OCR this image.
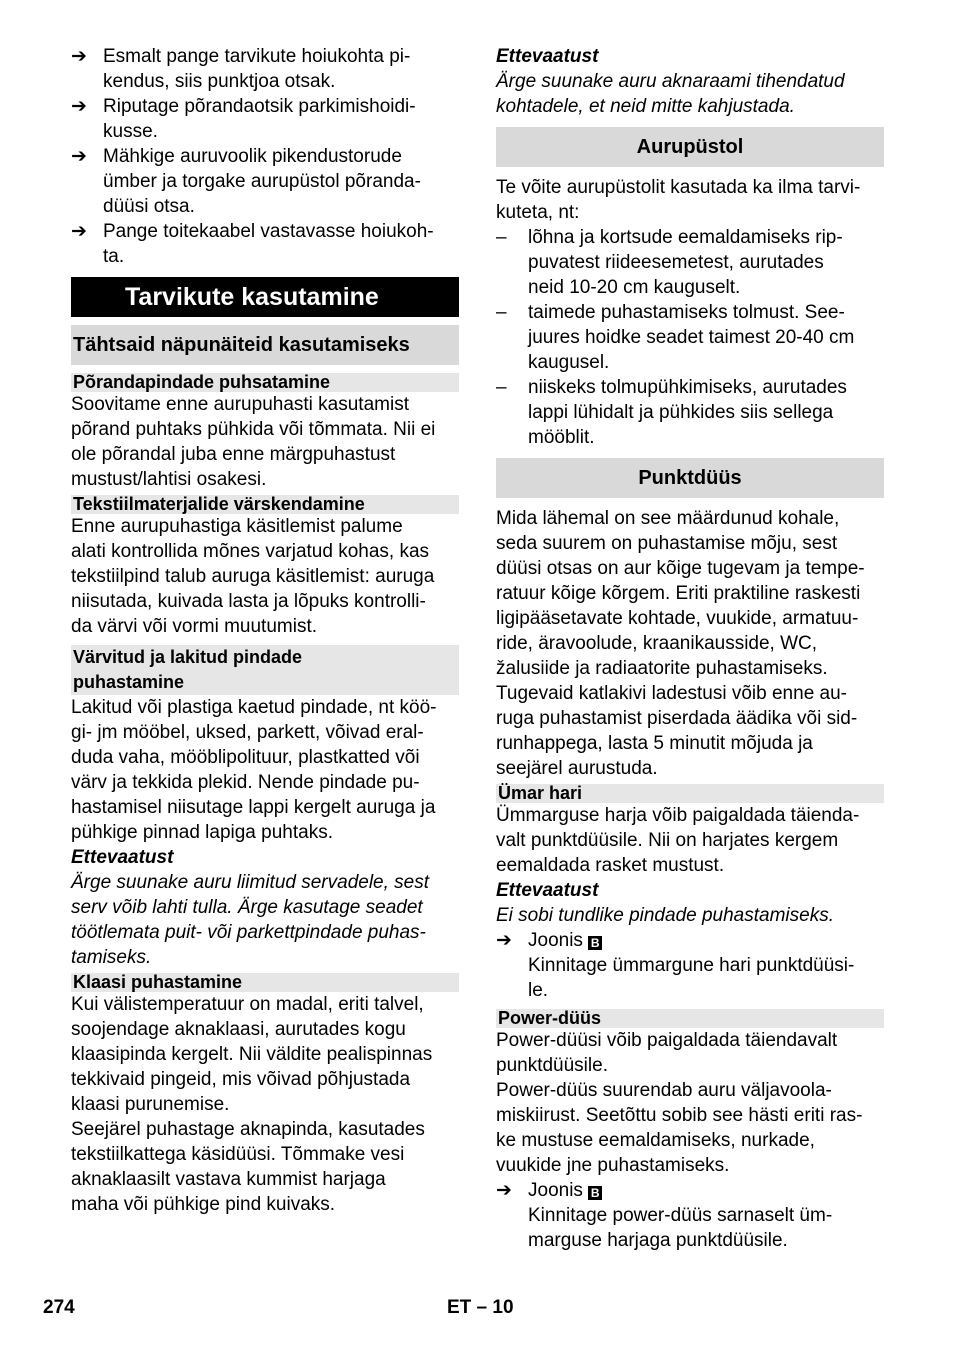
➔ Esmalt pange tarvikute hoiukohta pi-
kendus, siis punktjoa otsak.

➔ Riputage põrandaotsik parkimishoidi-
kusse.

➔ Mähkige auruvoolik pikendustorude
ümber ja torgake aurupüstol põranda-
düüsi otsa.

➔ Pange toitekaabel vastavasse hoiukoh-
ta.

Tarvikute kasutamine
Tähtsaid näpunäiteid kasutamiseks
Põrandapindade puhsatamine

Soovitame enne aurupuhasti kasutamist
põrand puhtaks pühkida või tõmmata. Nii ei
ole põrandal juba enne märgpuhastust
mustust/lahtisi osakesi.

Tekstiilmaterjalide värskendamine

Enne aurupuhastiga käsitlemist palume
alati kontrollida mõnes varjatud kohas, kas
tekstiilpind talub auruga käsitlemist: auruga
niisutada, kuivada lasta ja lõpuks kontrolli-
da värvi või vormi muutumist.

Värvitud ja lakitud pindade
puhastamine

Lakitud või plastiga kaetud pindade, nt köö-
gi- jm mööbel, uksed, parkett, võivad eral-
duda vaha, mööblipolituur, plastkatted või
värv ja tekkida plekid. Nende pindade pu-
hastamisel niisutage lappi kergelt auruga ja
pühkige pinnad lapiga puhtaks.

Ettevaatust

Ärge suunake auru liimitud servadele, sest
serv võib lahti tulla. Ärge kasutage seadet
töötlemata puit- või parkettpindade puhas-
tamiseks.

Klaasi puhastamine

Kui välistemperatuur on madal, eriti talvel,
soojendage aknaklaasi, aurutades kogu
klaasipinda kergelt. Nii väldite pealispinnas
tekkivaid pingeid, mis võivad põhjustada
klaasi purunemise.

Seejärel puhastage aknapinda, kasutades
tekstiilkattega käsidüüsi. Tõmmake vesi
aknaklaasilt vastava kummist harjaga
maha või pühkige pind kuivaks.

Ettevaatust

Ärge suunake auru aknaraami tihendatud
kohtadele, et neid mitte kahjustada.

Aurupüstol

Te võite aurupüstolit kasutada ka ilma tarvi-
kuteta, nt:

–	lõhna ja kortsude eemaldamiseks rip-
puvatest riideesemetest, aurutades
neid 10-20 cm kauguselt.

–	taimede puhastamiseks tolmust. See-
juures hoidke seadet taimest 20-40 cm
kaugusel.

–	niiskeks tolmupühkimiseks, aurutades
lappi lühidalt ja pühkides siis sellega
mööblit.

Punktdüüs

Mida lähemal on see määrdunud kohale,
seda suurem on puhastamise mõju, sest
düüsi otsas on aur kõige tugevam ja tempe-
ratuur kõige kõrgem. Eriti praktiline raskesti
ligipääsetavate kohtade, vuukide, armatuu-
ride, äravoolude, kraanikausside, WC,
žalusiide ja radiaatorite puhastamiseks.
Tugevaid katlakivi ladestusi võib enne au-
ruga puhastamist piserdada äädika või sid-
runhappega, lasta 5 minutit mõjuda ja
seejärel aurustuda.

Ümar hari

Ümmarguse harja võib paigaldada täienda-
valt punktdüüsile. Nii on harjates kergem
eemaldada rasket mustust.

Ettevaatust

Ei sobi tundlike pindade puhastamiseks.

➔ Joonis B

Kinnitage ümmargune hari punktdüüsi-
le.

Power-düüs

Power-düüsi võib paigaldada täiendavalt
punktdüüsile.

Power-düüs suurendab auru väljavoola-
miskiirust. Seetõttu sobib see hästi eriti ras-
ke mustuse eemaldamiseks, nurkade,
vuukide jne puhastamiseks.

➔ Joonis B

Kinnitage power-düüs sarnaselt üm-
marguse harjaga punktdüüsile.

274	ET – 10
